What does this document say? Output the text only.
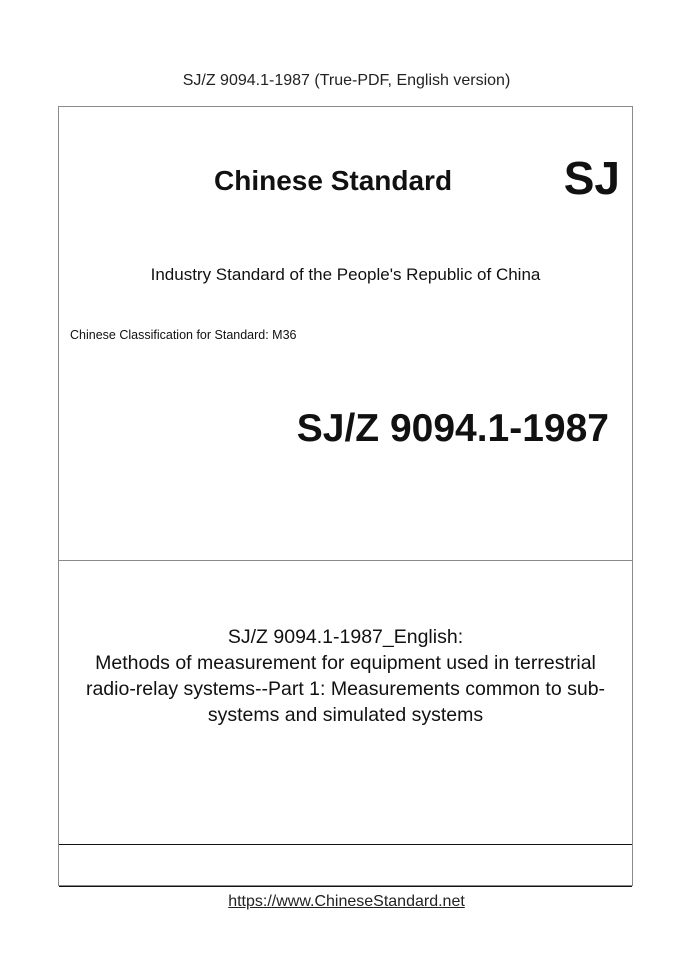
SJ/Z 9094.1-1987 (True-PDF, English version)
Chinese Standard SJ
Industry Standard of the People's Republic of China
Chinese Classification for Standard: M36
SJ/Z 9094.1-1987
SJ/Z 9094.1-1987_English:
Methods of measurement for equipment used in terrestrial
radio-relay systems--Part 1: Measurements common to sub-
systems and simulated systems
https://www.ChineseStandard.net
